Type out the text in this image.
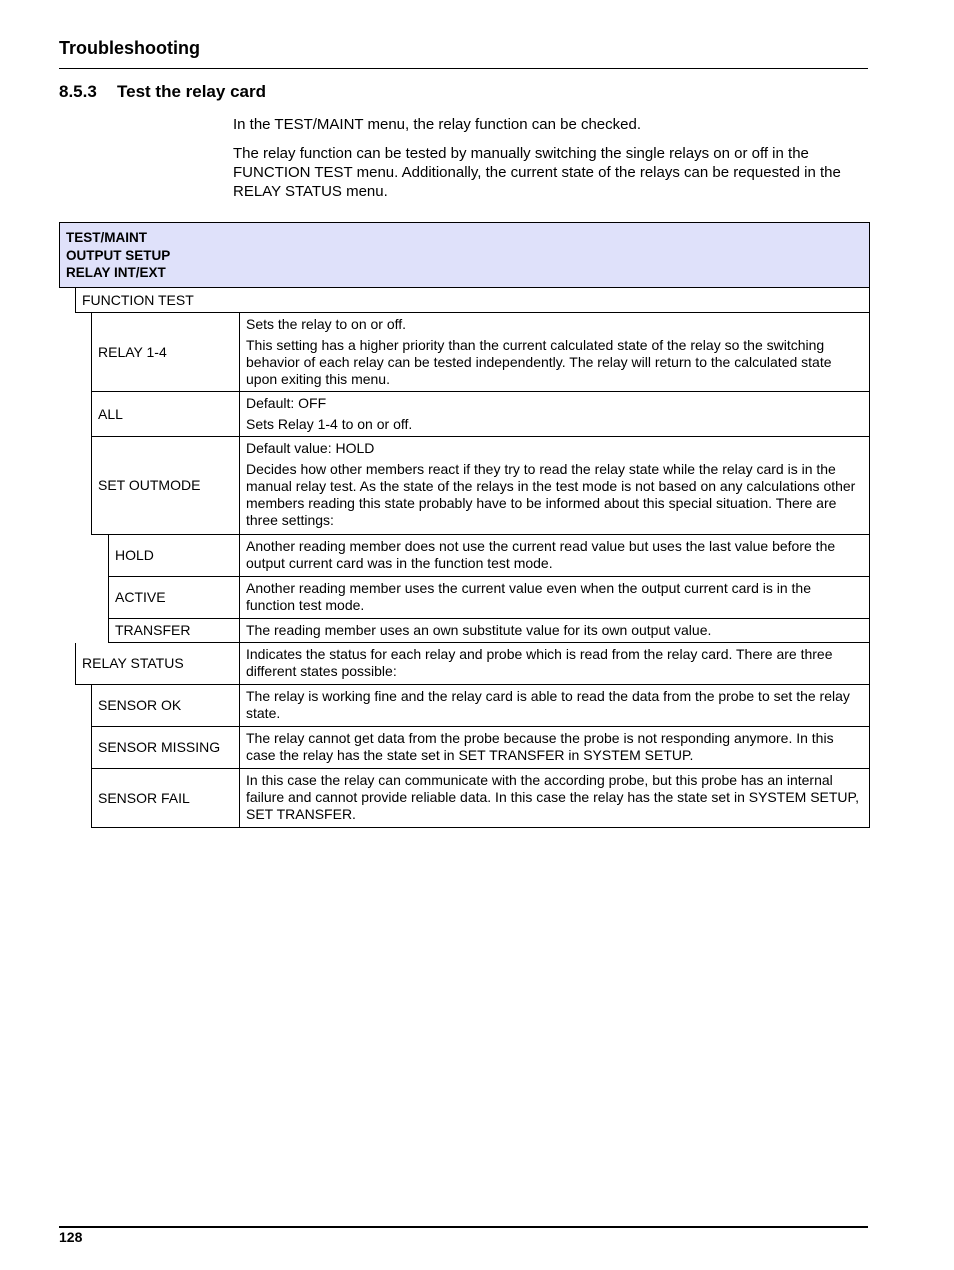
Troubleshooting
8.5.3 Test the relay card

In the TEST/MAINT menu, the relay function can be checked.

The relay function can be tested by manually switching the single relays on or off in the FUNCTION TEST menu. Additionally, the current state of the relays can be requested in the RELAY STATUS menu.

TEST/MAINT
OUTPUT SETUP
RELAY INT/EXT
FUNCTION TEST
RELAY 1-4

Sets the relay to on or off.

This setting has a higher priority than the current calculated state of the relay so the switching behavior of each relay can be tested independently. The relay will return to the calculated state upon exiting this menu.

ALL

Default: OFF

Sets Relay 1-4 to on or off.

SET OUTMODE

Default value: HOLD

Decides how other members react if they try to read the relay state while the relay card is in the manual relay test. As the state of the relays in the test mode is not based on any calculations other members reading this state probably have to be informed about this special situation. There are three settings:

HOLD
Another reading member does not use the current read value but uses the last value before the output current card was in the function test mode.
ACTIVE
Another reading member uses the current value even when the output current card is in the function test mode.
TRANSFER	The reading member uses an own substitute value for its own output value.
RELAY STATUS
Indicates the status for each relay and probe which is read from the relay card. There are three different states possible:
SENSOR OK
The relay is working fine and the relay card is able to read the data from the probe to set the relay state.
SENSOR MISSING
The relay cannot get data from the probe because the probe is not responding anymore. In this case the relay has the state set in SET TRANSFER in SYSTEM SETUP.
SENSOR FAIL
In this case the relay can communicate with the according probe, but this probe has an internal failure and cannot provide reliable data. In this case the relay has the state set in SYSTEM SETUP, SET TRANSFER.
128
